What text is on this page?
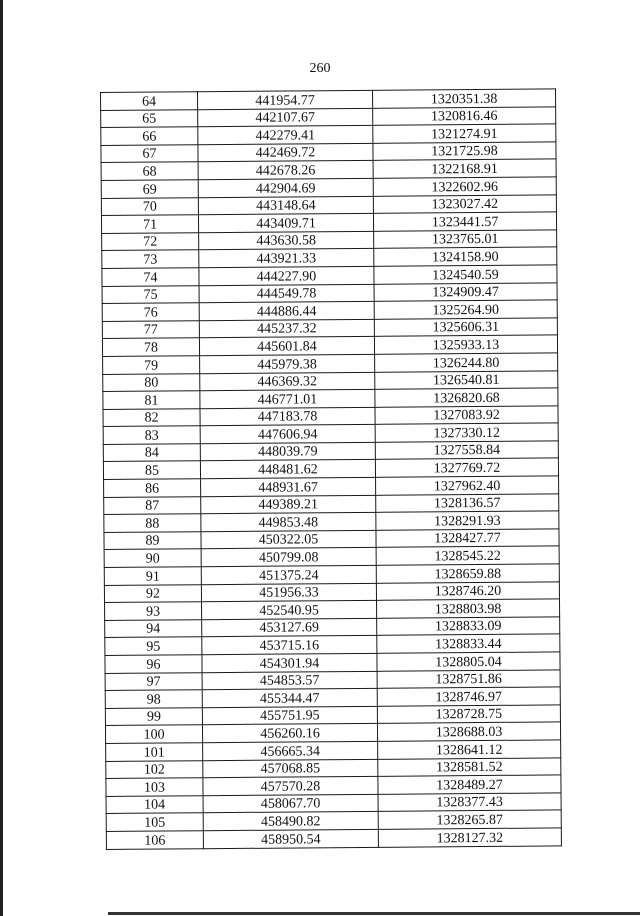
260
64	441954.77	1320351.38
65	442107.67	1320816.46
66	442279.41	1321274.91
67	442469.72	1321725.98
68	442678.26	1322168.91
69	442904.69	1322602.96
70	443148.64	1323027.42
71	443409.71	1323441.57
72	443630.58	1323765.01
73	443921.33	1324158.90
74	444227.90	1324540.59
75	444549.78	1324909.47
76	444886.44	1325264.90
77	445237.32	1325606.31
78	445601.84	1325933.13
79	445979.38	1326244.80
80	446369.32	1326540.81
81	446771.01	1326820.68
82	447183.78	1327083.92
83	447606.94	1327330.12
84	448039.79	1327558.84
85	448481.62	1327769.72
86	448931.67	1327962.40
87	449389.21	1328136.57
88	449853.48	1328291.93
89	450322.05	1328427.77
90	450799.08	1328545.22
91	451375.24	1328659.88
92	451956.33	1328746.20
93	452540.95	1328803.98
94	453127.69	1328833.09
95	453715.16	1328833.44
96	454301.94	1328805.04
97	454853.57	1328751.86
98	455344.47	1328746.97
99	455751.95	1328728.75
100	456260.16	1328688.03
101	456665.34	1328641.12
102	457068.85	1328581.52
103	457570.28	1328489.27
104	458067.70	1328377.43
105	458490.82	1328265.87
106	458950.54	1328127.32
